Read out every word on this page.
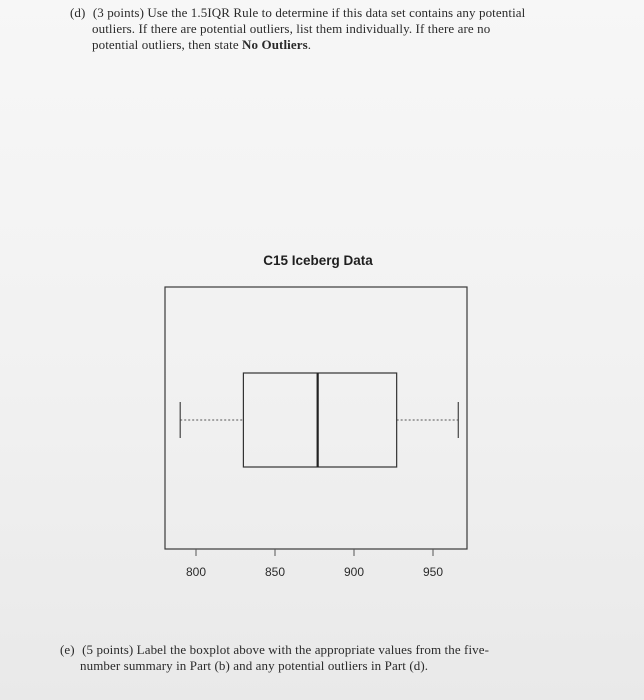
(d) (3 points) Use the 1.5IQR Rule to determine if this data set contains any potential
outliers. If there are potential outliers, list them individually. If there are no
potential outliers, then state No Outliers.
C15 Iceberg Data
800	850	900	950
(e) (5 points) Label the boxplot above with the appropriate values from the five-
number summary in Part (b) and any potential outliers in Part (d).
